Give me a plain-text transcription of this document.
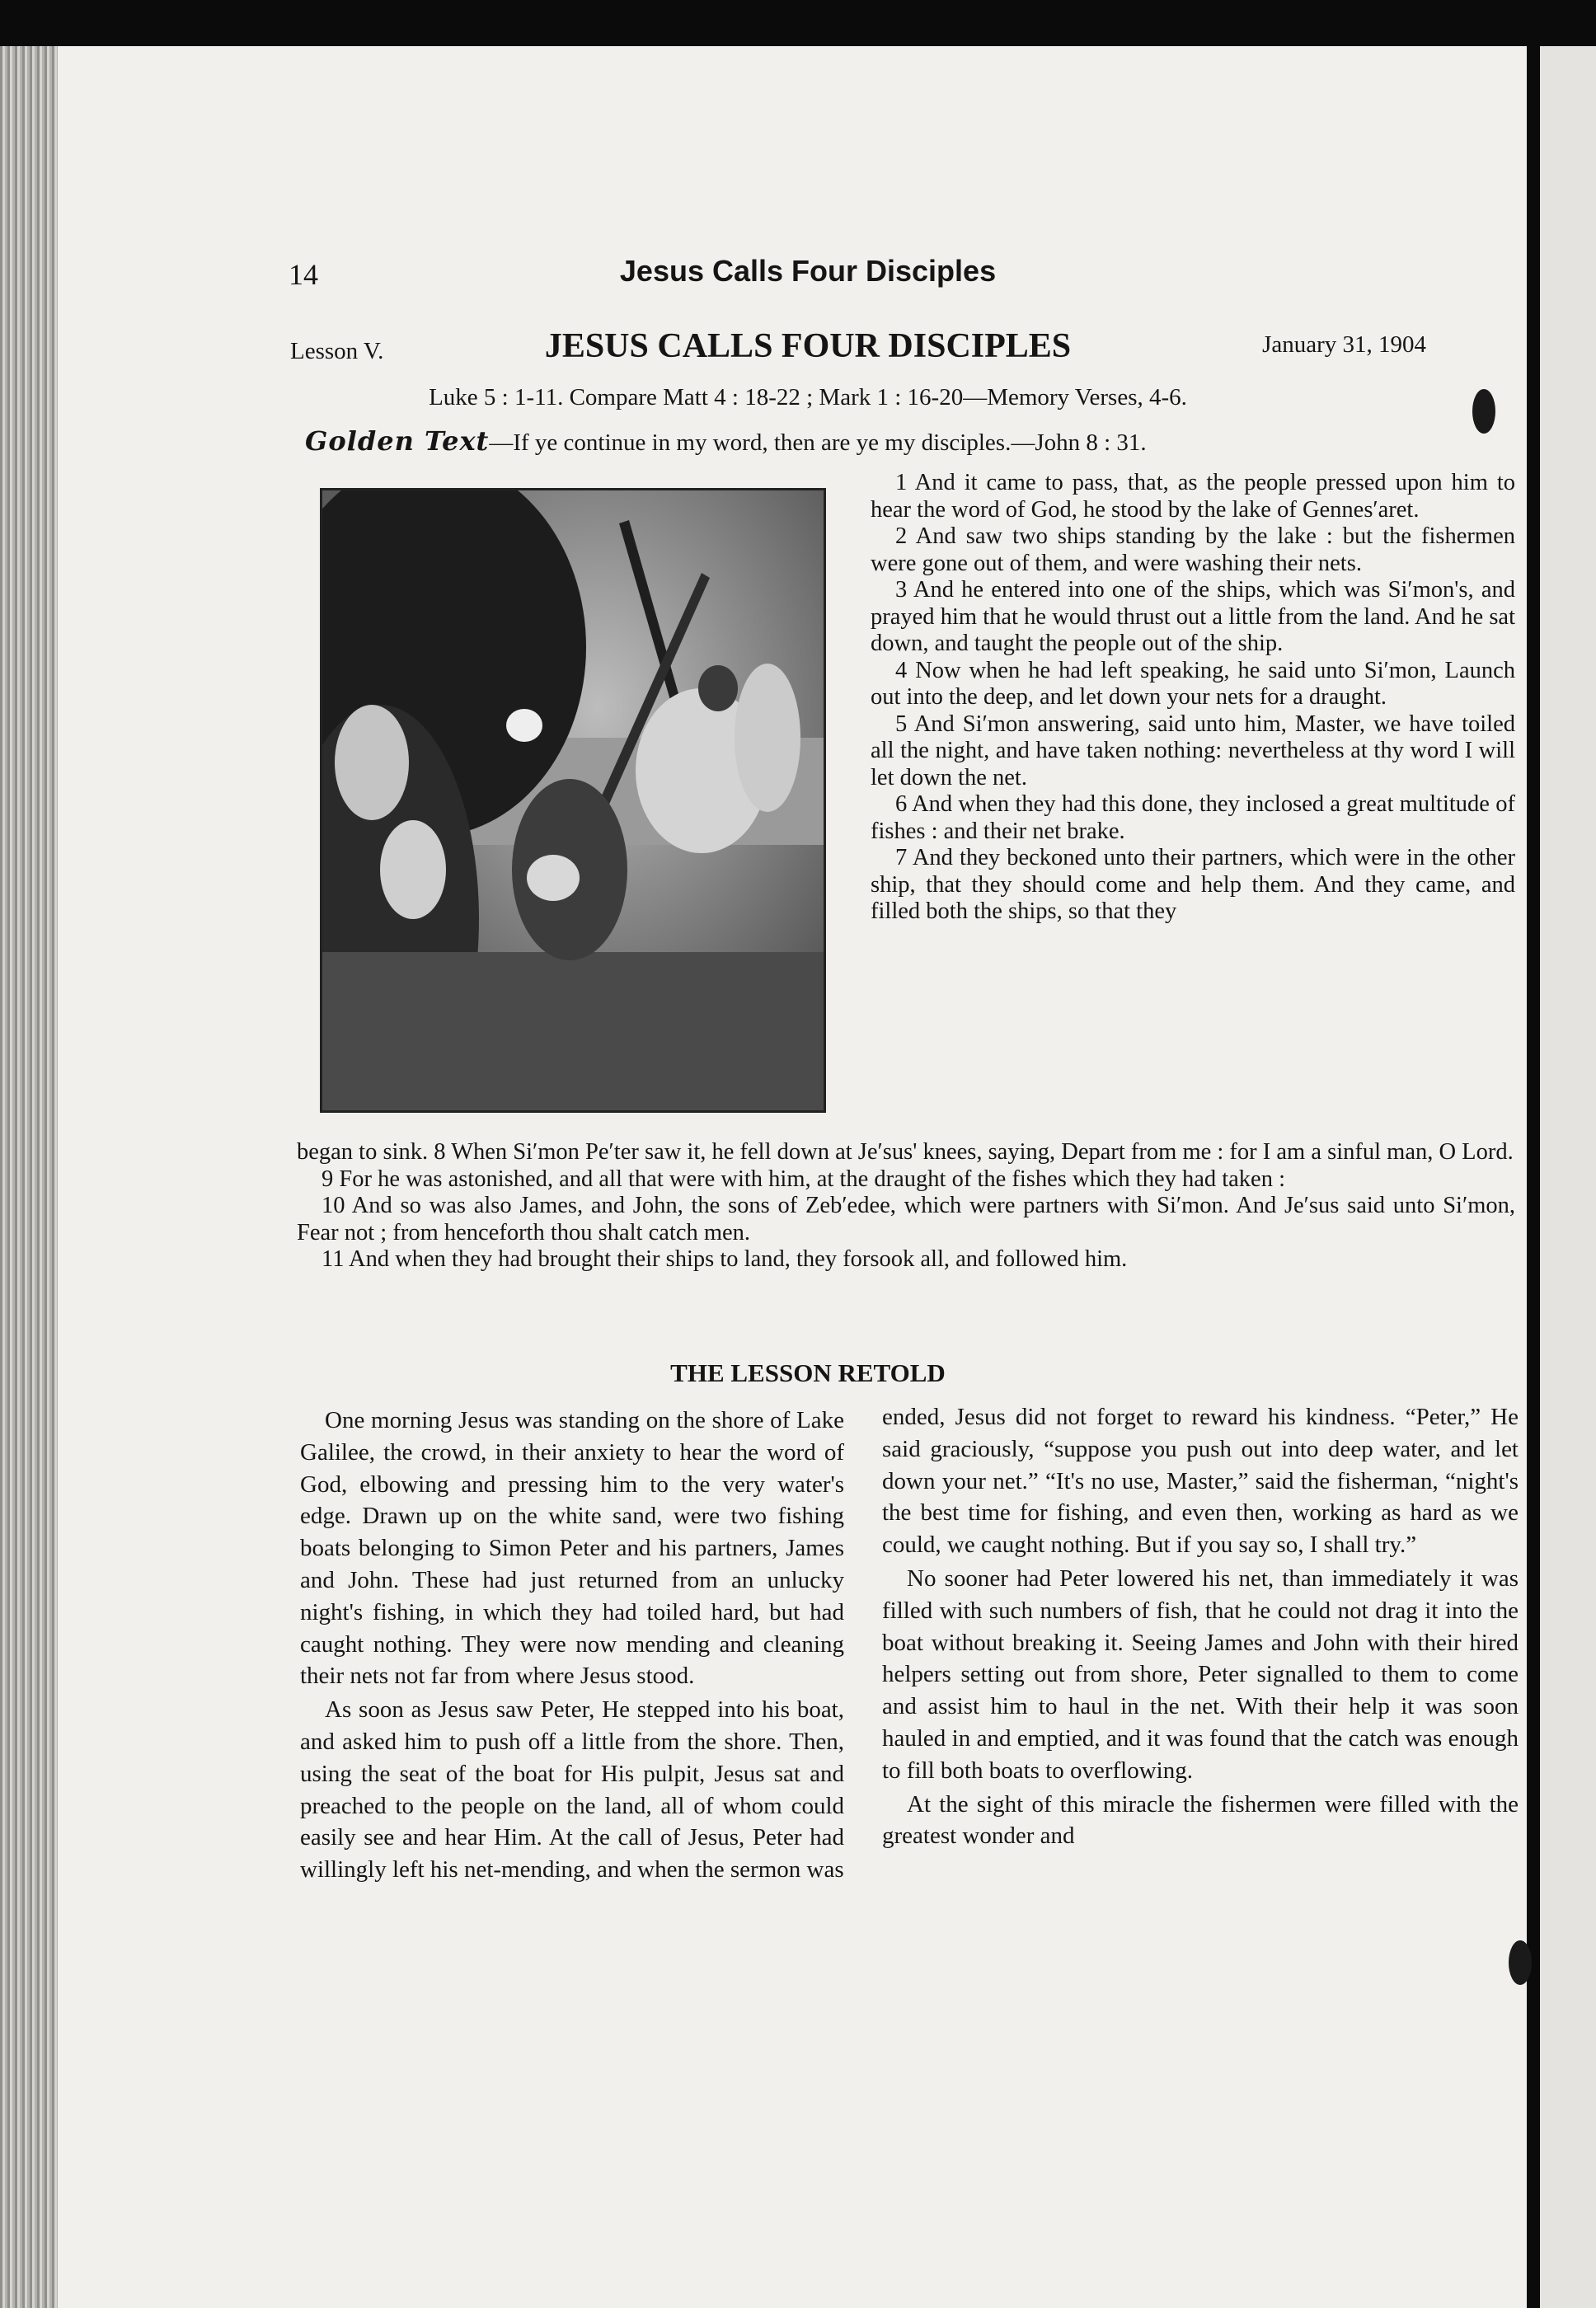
14	Jesus Calls Four Disciples
Lesson V.	JESUS CALLS FOUR DISCIPLES	January 31, 1904
Luke 5 : 1-11. Compare Matt 4 : 18-22 ; Mark 1 : 16-20—Memory Verses, 4-6.
Golden Text—If ye continue in my word, then are ye my disciples.—John 8 : 31.

1 And it came to pass, that, as the people pressed upon him to hear the word of God, he stood by the lake of Gennes′aret.

2 And saw two ships standing by the lake : but the fishermen were gone out of them, and were washing their nets.

3 And he entered into one of the ships, which was Si′mon's, and prayed him that he would thrust out a little from the land. And he sat down, and taught the people out of the ship.

4 Now when he had left speaking, he said unto Si′mon, Launch out into the deep, and let down your nets for a draught.

5 And Si′mon answering, said unto him, Master, we have toiled all the night, and have taken nothing: nevertheless at thy word I will let down the net.

6 And when they had this done, they inclosed a great multitude of fishes : and their net brake.

7 And they beckoned unto their partners, which were in the other ship, that they should come and help them. And they came, and filled both the ships, so that they

began to sink. 8 When Si′mon Pe′ter saw it, he fell down at Je′sus' knees, saying, Depart from me : for I am a sinful man, O Lord.

9 For he was astonished, and all that were with him, at the draught of the fishes which they had taken :

10 And so was also James, and John, the sons of Zeb′edee, which were partners with Si′mon. And Je′sus said unto Si′mon, Fear not ; from henceforth thou shalt catch men.

11 And when they had brought their ships to land, they forsook all, and followed him.

THE LESSON RETOLD

One morning Jesus was standing on the shore of Lake Galilee, the crowd, in their anxiety to hear the word of God, elbowing and pressing him to the very water's edge. Drawn up on the white sand, were two fishing boats belonging to Simon Peter and his partners, James and John. These had just returned from an unlucky night's fishing, in which they had toiled hard, but had caught nothing. They were now mending and cleaning their nets not far from where Jesus stood.

As soon as Jesus saw Peter, He stepped into his boat, and asked him to push off a little from the shore. Then, using the seat of the boat for His pulpit, Jesus sat and preached to the people on the land, all of whom could easily see and hear Him. At the call of Jesus, Peter had willingly left his net-mending, and when the sermon was

ended, Jesus did not forget to reward his kindness. “Peter,” He said graciously, “suppose you push out into deep water, and let down your net.” “It's no use, Master,” said the fisherman, “night's the best time for fishing, and even then, working as hard as we could, we caught nothing. But if you say so, I shall try.”

No sooner had Peter lowered his net, than immediately it was filled with such numbers of fish, that he could not drag it into the boat without breaking it. Seeing James and John with their hired helpers setting out from shore, Peter signalled to them to come and assist him to haul in the net. With their help it was soon hauled in and emptied, and it was found that the catch was enough to fill both boats to overflowing.

At the sight of this miracle the fishermen were filled with the greatest wonder and
